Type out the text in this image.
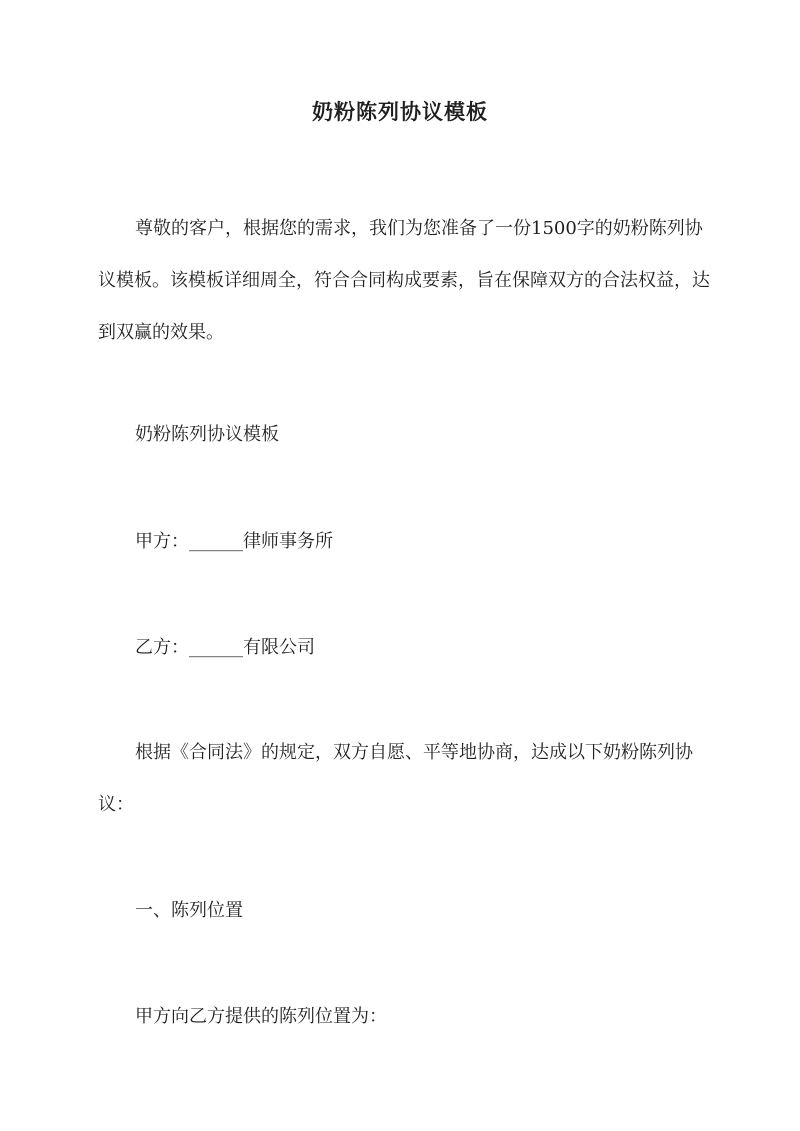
奶粉陈列协议模板
尊敬的客户，根据您的需求，我们为您准备了一份1500字的奶粉陈列协议模板。该模板详细周全，符合合同构成要素，旨在保障双方的合法权益，达到双赢的效果。
奶粉陈列协议模板
甲方：______律师事务所
乙方：______有限公司
根据《合同法》的规定，双方自愿、平等地协商，达成以下奶粉陈列协议：
一、陈列位置
甲方向乙方提供的陈列位置为：
